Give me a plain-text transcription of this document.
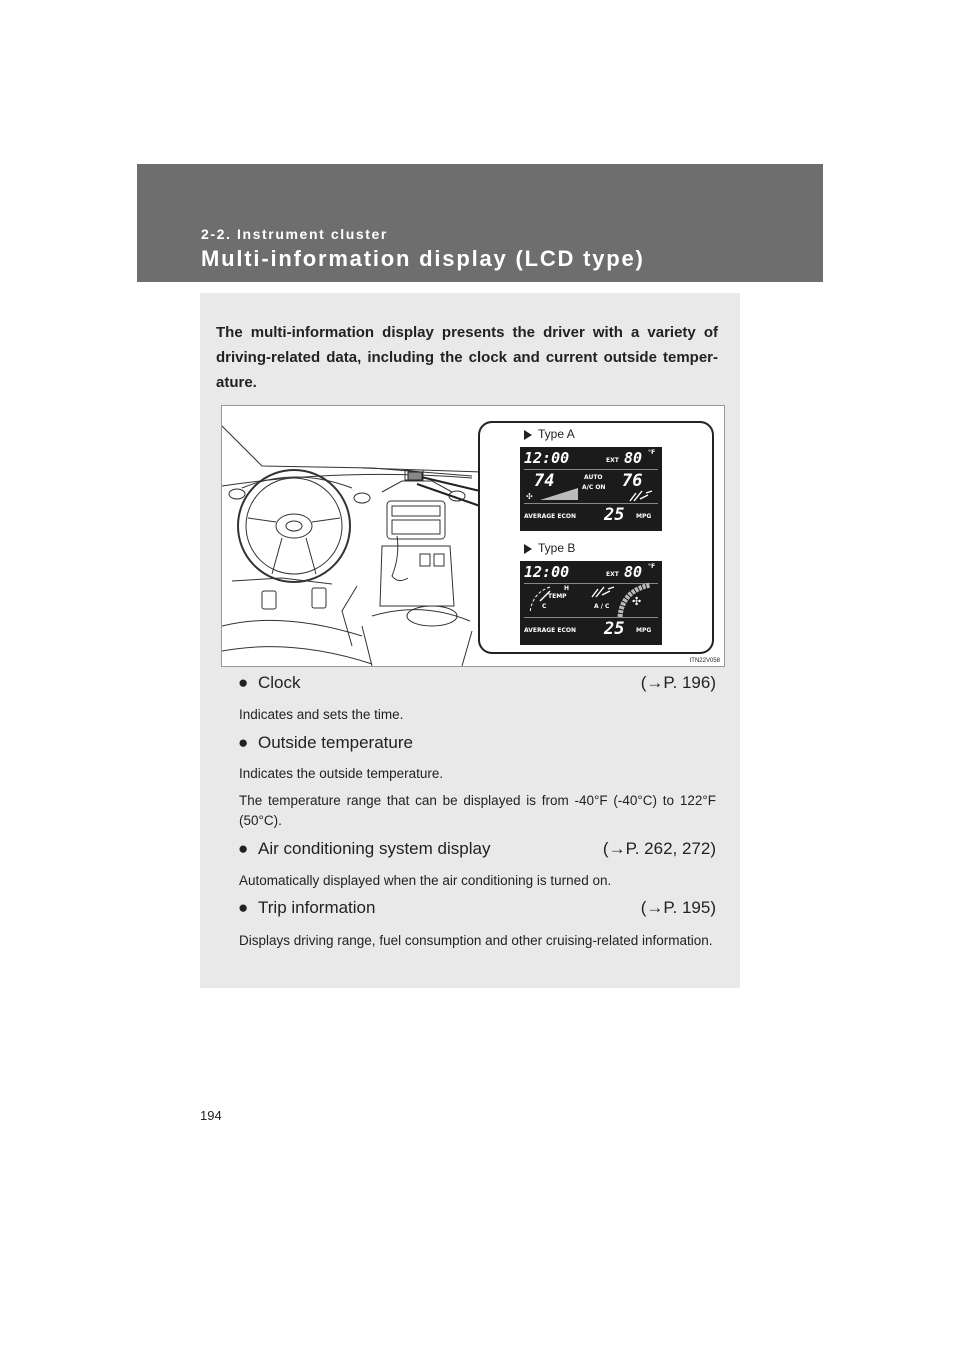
2-2. Instrument cluster
Multi-information display (LCD type)
The multi-information display presents the driver with a variety of driving-related data, including the clock and current outside temper-ature.
Type A
12:00	EXT 80 °F
74	AUTO
A/C ON 76
✣
AVERAGE ECON 25 MPG
Type B
12:00	EXT 80 °F
H
TEMP
C	A / C ✣
AVERAGE ECON 25 MPG
ITN22V058
● Clock	(→P. 196)
Indicates and sets the time.
● Outside temperature
Indicates the outside temperature.
The temperature range that can be displayed is from -40°F (-40°C) to 122°F (50°C).
● Air conditioning system display	(→P. 262, 272)
Automatically displayed when the air conditioning is turned on.
● Trip information	(→P. 195)
Displays driving range, fuel consumption and other cruising-related information.
194
